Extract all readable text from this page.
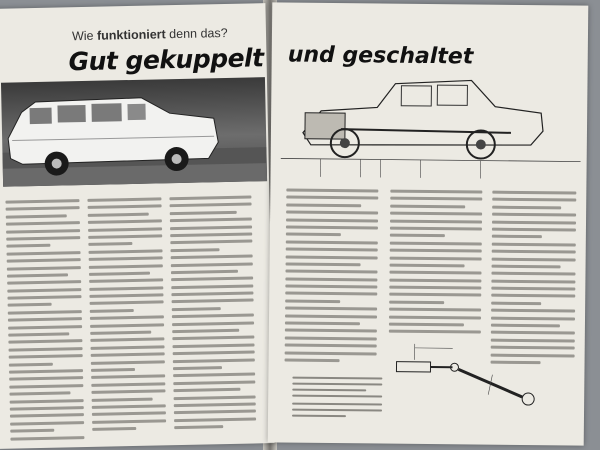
Wie funktioniert denn das?
Gut gekuppelt und geschaltet
